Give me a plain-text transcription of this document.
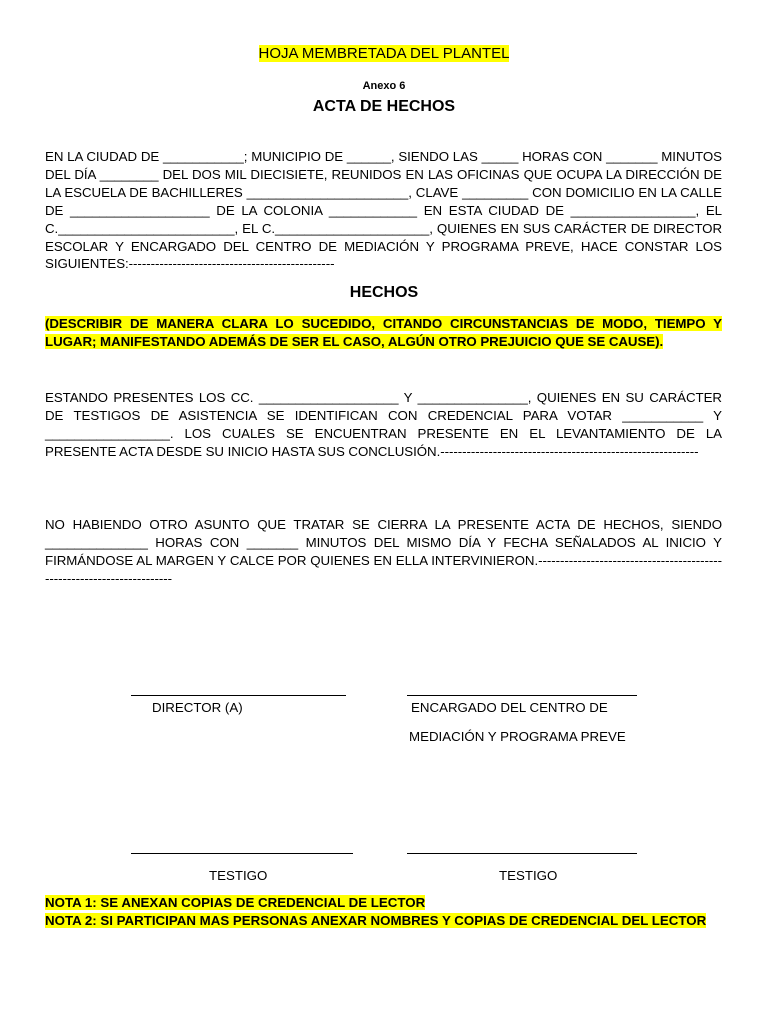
HOJA MEMBRETADA DEL PLANTEL
Anexo 6
ACTA DE HECHOS
EN LA CIUDAD DE ___________; MUNICIPIO DE ______, SIENDO LAS _____ HORAS CON _______ MINUTOS DEL DÍA ________ DEL DOS MIL DIECISIETE, REUNIDOS EN LAS OFICINAS QUE OCUPA LA DIRECCIÓN DE LA ESCUELA DE BACHILLERES ______________________, CLAVE _________ CON DOMICILIO EN LA CALLE DE ___________________ DE LA COLONIA ____________ EN ESTA CIUDAD DE _________________, EL C.________________________, EL C._____________________, QUIENES EN SUS CARÁCTER DE DIRECTOR ESCOLAR Y ENCARGADO DEL CENTRO DE MEDIACIÓN Y PROGRAMA PREVE, HACE CONSTAR LOS SIGUIENTES:-----------------------------------------------
HECHOS
(DESCRIBIR DE MANERA CLARA LO SUCEDIDO, CITANDO CIRCUNSTANCIAS DE MODO, TIEMPO Y LUGAR; MANIFESTANDO ADEMÁS DE SER EL CASO, ALGÚN OTRO PREJUICIO QUE SE CAUSE).
ESTANDO PRESENTES LOS CC. ___________________ Y _______________, QUIENES EN SU CARÁCTER DE TESTIGOS DE ASISTENCIA SE IDENTIFICAN CON CREDENCIAL PARA VOTAR ___________ Y _________________. LOS CUALES SE ENCUENTRAN PRESENTE EN EL LEVANTAMIENTO DE LA PRESENTE ACTA DESDE SU INICIO HASTA SUS CONCLUSIÓN.-----------------------------------------------------------
NO HABIENDO OTRO ASUNTO QUE TRATAR SE CIERRA LA PRESENTE ACTA DE HECHOS, SIENDO ______________ HORAS CON _______ MINUTOS DEL MISMO DÍA Y FECHA SEÑALADOS AL INICIO Y FIRMÁNDOSE AL MARGEN Y CALCE POR QUIENES EN ELLA INTERVINIERON.-----------------------------------------------------------------------
DIRECTOR (A)	ENCARGADO DEL CENTRO DE
MEDIACIÓN Y PROGRAMA PREVE
TESTIGO	TESTIGO
NOTA 1: SE ANEXAN COPIAS DE CREDENCIAL DE LECTOR
NOTA 2: SI PARTICIPAN MAS PERSONAS ANEXAR NOMBRES Y COPIAS DE CREDENCIAL DEL LECTOR
